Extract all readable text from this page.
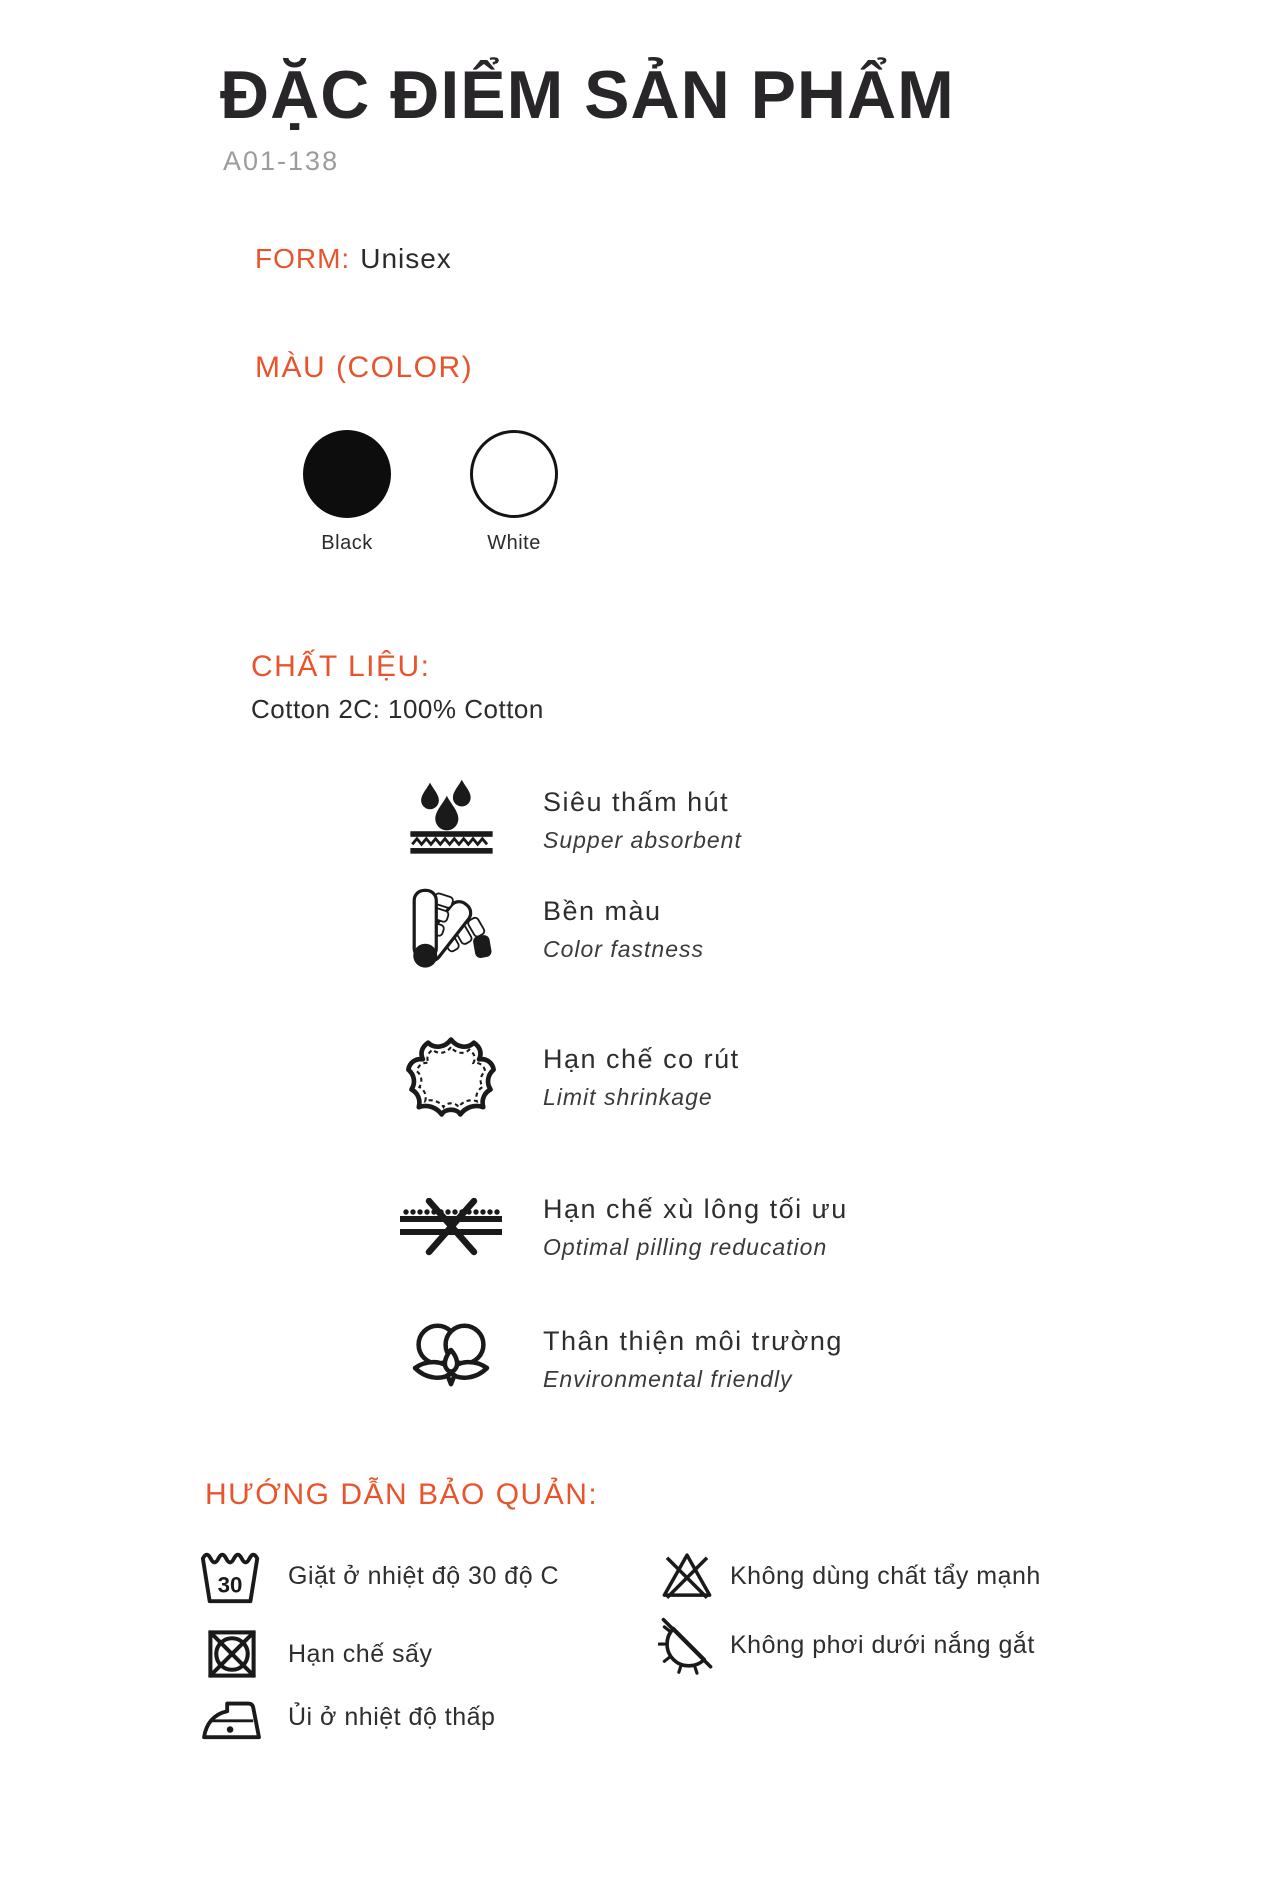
ĐẶC ĐIỂM SẢN PHẨM
A01-138
FORM: Unisex
MÀU (COLOR)
Black	White
CHẤT LIỆU:
Cotton 2C: 100% Cotton
Siêu thấm hút
Supper absorbent
Bền màu
Color fastness
Hạn chế co rút
Limit shrinkage
Hạn chế xù lông tối ưu
Optimal pilling reducation
Thân thiện môi trường
Environmental friendly
HƯỚNG DẪN BẢO QUẢN:
30 Giặt ở nhiệt độ 30 độ C
Hạn chế sấy
Ủi ở nhiệt độ thấp
Không dùng chất tẩy mạnh
Không phơi dưới nắng gắt
